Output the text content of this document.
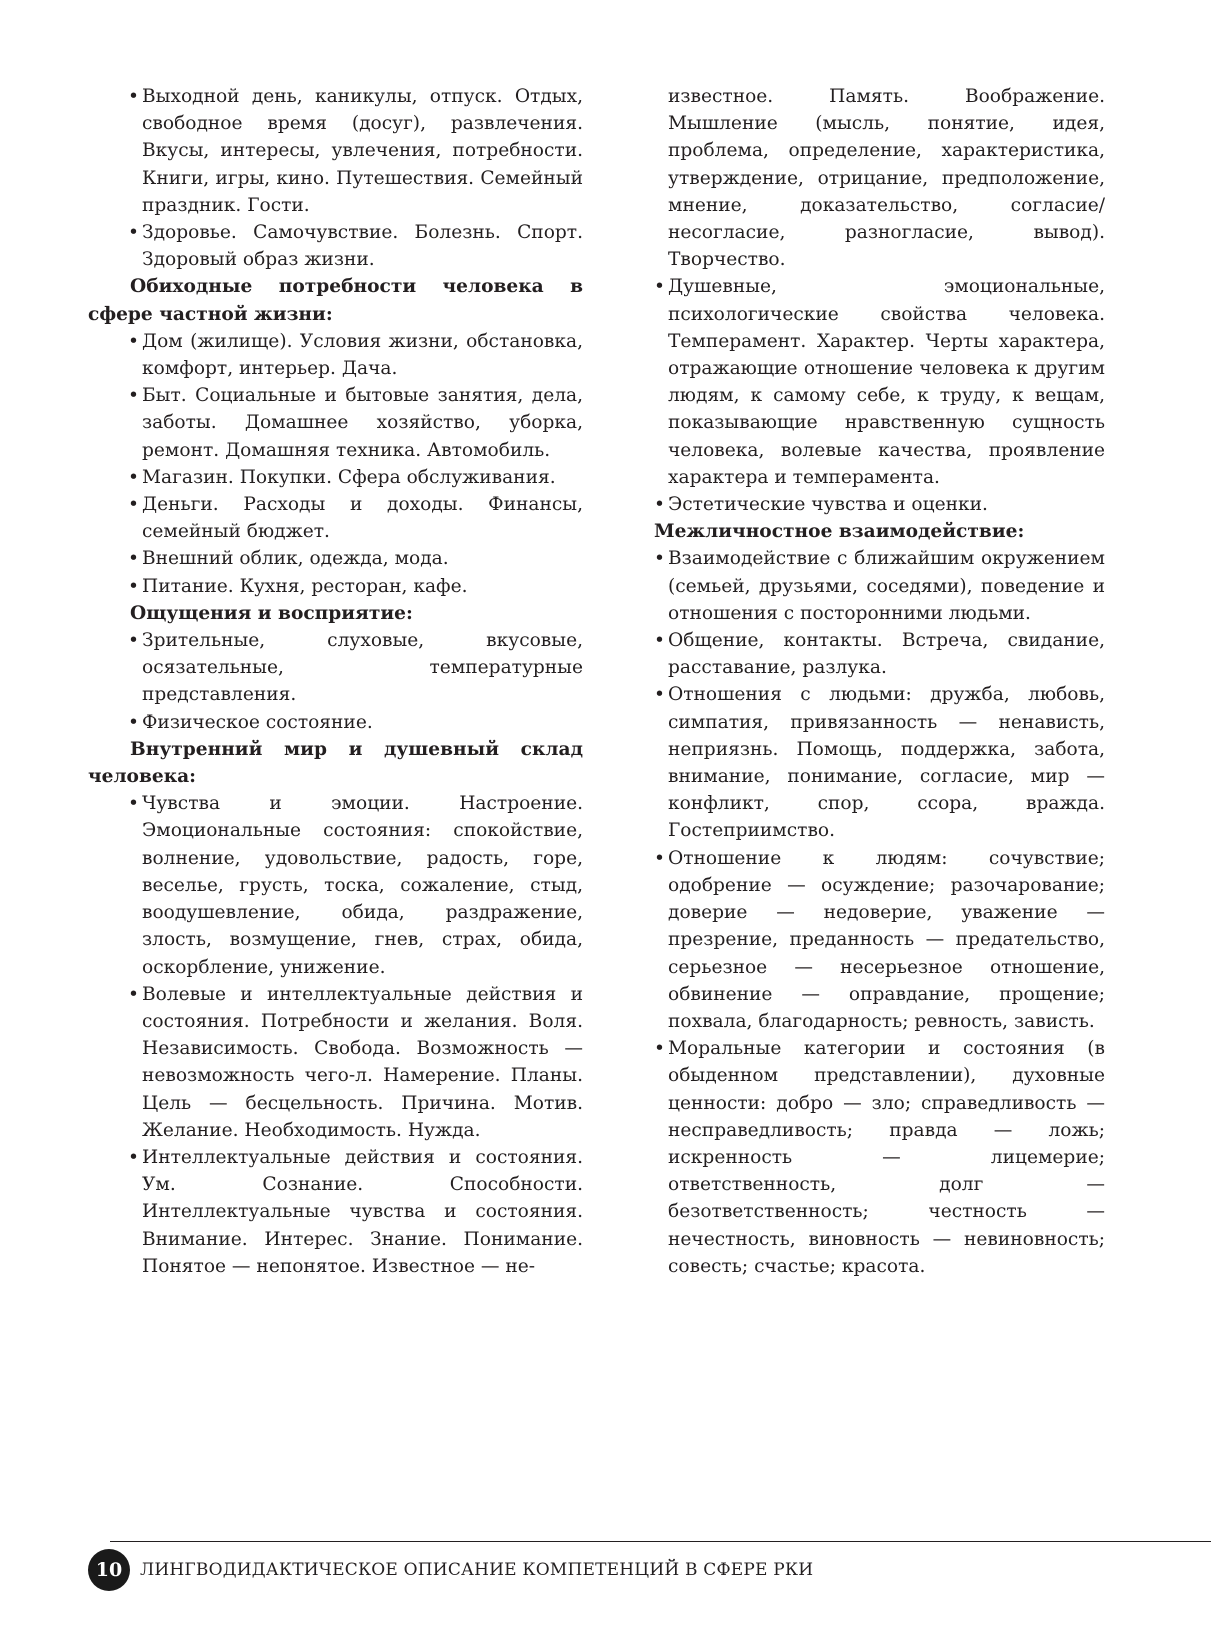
• Выходной день, каникулы, отпуск. Отдых, свободное время (досуг), развлечения. Вкусы, интересы, увлечения, потребности. Книги, игры, кино. Путешествия. Семейный праздник. Гости.
• Здоровье. Самочувствие. Болезнь. Спорт. Здоровый образ жизни.
Обиходные потребности человека в сфере частной жизни:
• Дом (жилище). Условия жизни, обстановка, комфорт, интерьер. Дача.
• Быт. Социальные и бытовые занятия, дела, заботы. Домашнее хозяйство, уборка, ремонт. Домашняя техника. Автомобиль.
• Магазин. Покупки. Сфера обслуживания.
• Деньги. Расходы и доходы. Финансы, семейный бюджет.
• Внешний облик, одежда, мода.
• Питание. Кухня, ресторан, кафе.
Ощущения и восприятие:
• Зрительные, слуховые, вкусовые, осязательные, температурные представления.
• Физическое состояние.
Внутренний мир и душевный склад человека:
• Чувства и эмоции. Настроение. Эмоциональные состояния: спокойствие, волнение, удовольствие, радость, горе, веселье, грусть, тоска, сожаление, стыд, воодушевление, обида, раздражение, злость, возмущение, гнев, страх, обида, оскорбление, унижение.
• Волевые и интеллектуальные действия и состояния. Потребности и желания. Воля. Независимость. Свобода. Возможность — невозможность чего-л. Намерение. Планы. Цель — бесцельность. Причина. Мотив. Желание. Необходимость. Нужда.
• Интеллектуальные действия и состояния. Ум. Сознание. Способности. Интеллектуальные чувства и состояния. Внимание. Интерес. Знание. Понимание. Понятое — непонятое. Известное — не-
известное. Память. Воображение. Мышление (мысль, понятие, идея, проблема, определение, характеристика, утверждение, отрицание, предположение, мнение, доказательство, согласие/несогласие, разногласие, вывод). Творчество.
• Душевные, эмоциональные, психологические свойства человека. Темперамент. Характер. Черты характера, отражающие отношение человека к другим людям, к самому себе, к труду, к вещам, показывающие нравственную сущность человека, волевые качества, проявление характера и темперамента.
• Эстетические чувства и оценки.
Межличностное взаимодействие:
• Взаимодействие с ближайшим окружением (семьей, друзьями, соседями), поведение и отношения с посторонними людьми.
• Общение, контакты. Встреча, свидание, расставание, разлука.
• Отношения с людьми: дружба, любовь, симпатия, привязанность — ненависть, неприязнь. Помощь, поддержка, забота, внимание, понимание, согласие, мир — конфликт, спор, ссора, вражда. Гостеприимство.
• Отношение к людям: сочувствие; одобрение — осуждение; разочарование; доверие — недоверие, уважение — презрение, преданность — предательство, серьезное — несерьезное отношение, обвинение — оправдание, прощение; похвала, благодарность; ревность, зависть.
• Моральные категории и состояния (в обыденном представлении), духовные ценности: добро — зло; справедливость — несправедливость; правда — ложь; искренность — лицемерие; ответственность, долг — безответственность; честность — нечестность, виновность — невиновность; совесть; счастье; красота.
10	ЛИНГВОДИДАКТИЧЕСКОЕ ОПИСАНИЕ КОМПЕТЕНЦИЙ В СФЕРЕ РКИ
